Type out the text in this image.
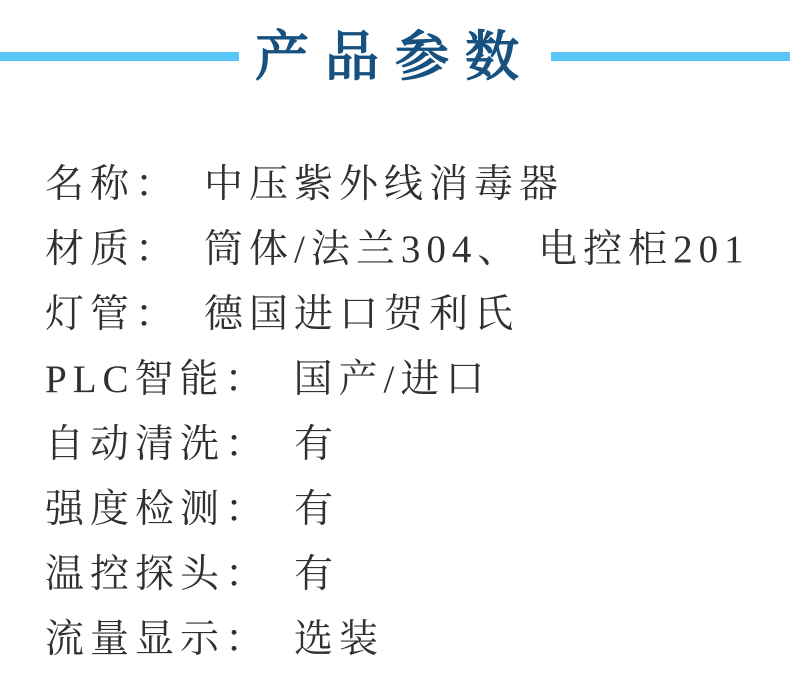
产品参数
名称： 中压紫外线消毒器
材质： 筒体/法兰304、 电控柜201
灯管： 德国进口贺利氏
PLC智能： 国产/进口
自动清洗： 有
强度检测： 有
温控探头： 有
流量显示： 选装
